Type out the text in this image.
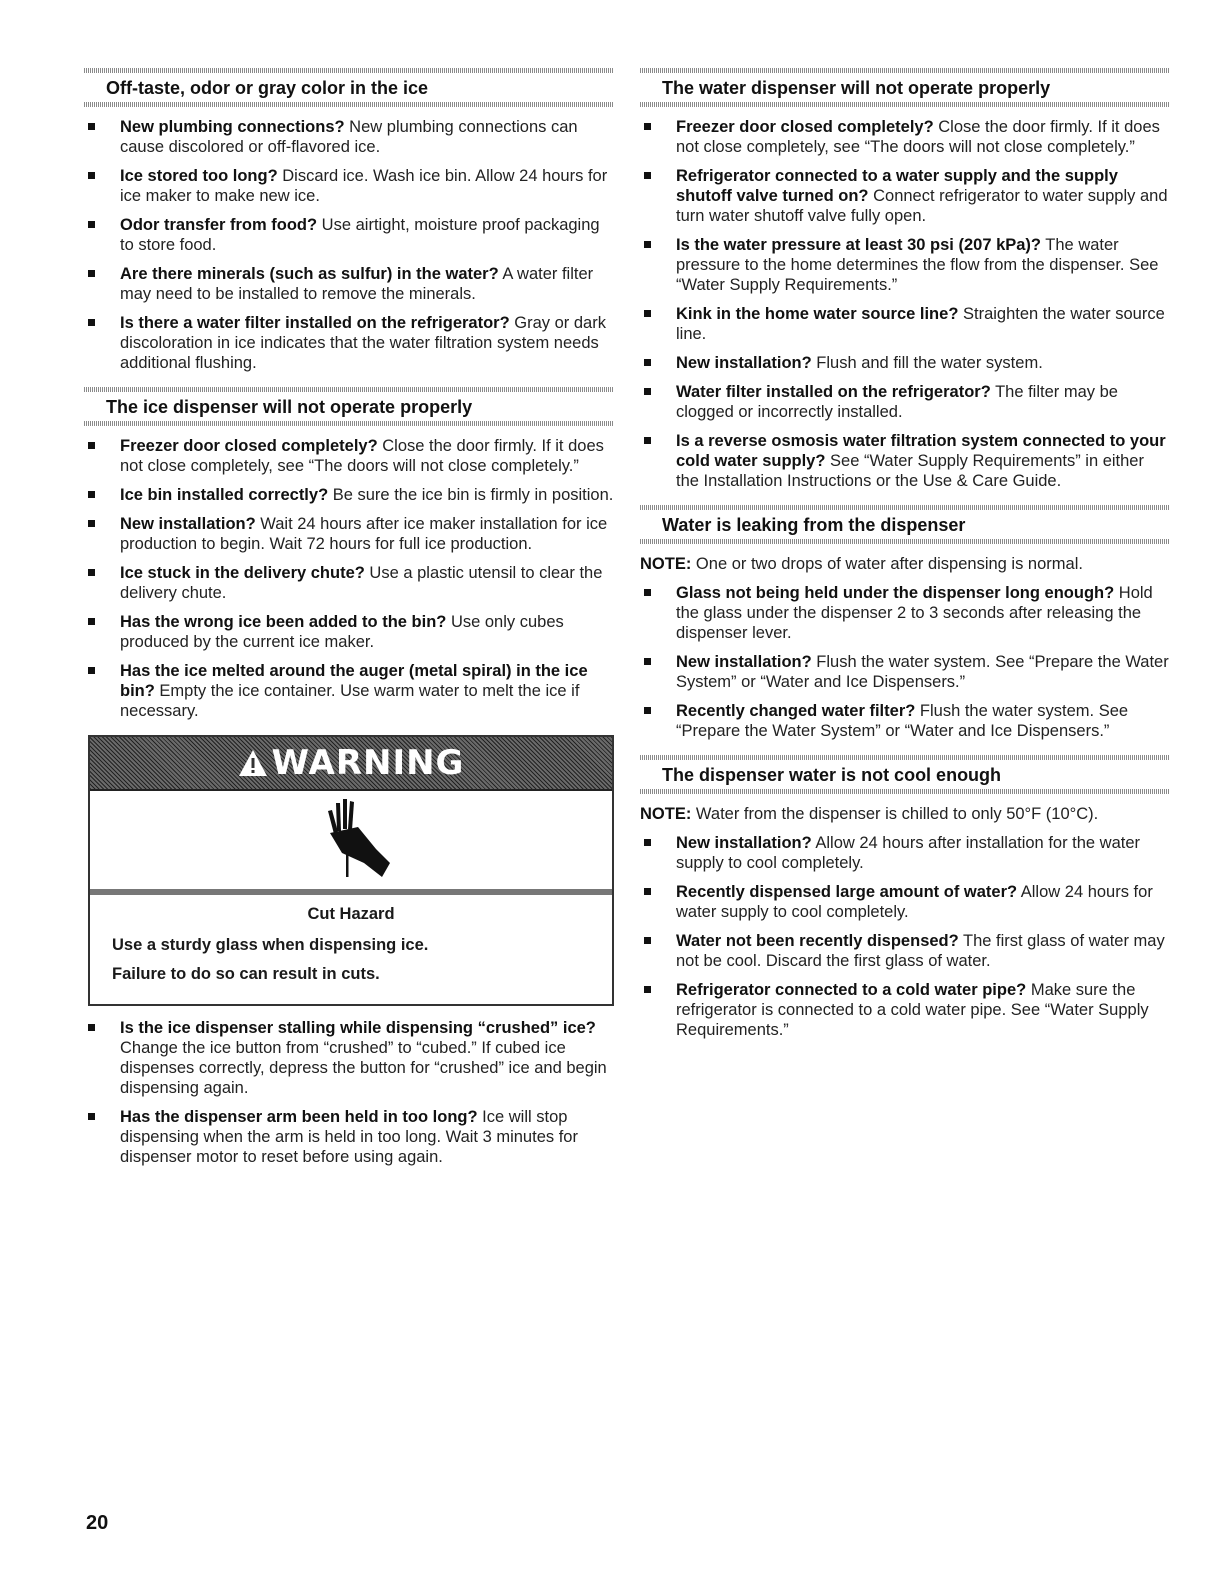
Off-taste, odor or gray color in the ice
New plumbing connections? New plumbing connections can cause discolored or off-flavored ice.
Ice stored too long? Discard ice. Wash ice bin. Allow 24 hours for ice maker to make new ice.
Odor transfer from food? Use airtight, moisture proof packaging to store food.
Are there minerals (such as sulfur) in the water? A water filter may need to be installed to remove the minerals.
Is there a water filter installed on the refrigerator? Gray or dark discoloration in ice indicates that the water filtration system needs additional flushing.
The ice dispenser will not operate properly
Freezer door closed completely? Close the door firmly. If it does not close completely, see “The doors will not close completely.”
Ice bin installed correctly? Be sure the ice bin is firmly in position.
New installation? Wait 24 hours after ice maker installation for ice production to begin. Wait 72 hours for full ice production.
Ice stuck in the delivery chute? Use a plastic utensil to clear the delivery chute.
Has the wrong ice been added to the bin? Use only cubes produced by the current ice maker.
Has the ice melted around the auger (metal spiral) in the ice bin? Empty the ice container. Use warm water to melt the ice if necessary.
WARNING
Cut Hazard

Use a sturdy glass when dispensing ice.

Failure to do so can result in cuts.

Is the ice dispenser stalling while dispensing “crushed” ice? Change the ice button from “crushed” to “cubed.” If cubed ice dispenses correctly, depress the button for “crushed” ice and begin dispensing again.
Has the dispenser arm been held in too long? Ice will stop dispensing when the arm is held in too long. Wait 3 minutes for dispenser motor to reset before using again.
The water dispenser will not operate properly
Freezer door closed completely? Close the door firmly. If it does not close completely, see “The doors will not close completely.”
Refrigerator connected to a water supply and the supply shutoff valve turned on? Connect refrigerator to water supply and turn water shutoff valve fully open.
Is the water pressure at least 30 psi (207 kPa)? The water pressure to the home determines the flow from the dispenser. See “Water Supply Requirements.”
Kink in the home water source line? Straighten the water source line.
New installation? Flush and fill the water system.
Water filter installed on the refrigerator? The filter may be clogged or incorrectly installed.
Is a reverse osmosis water filtration system connected to your cold water supply? See “Water Supply Requirements” in either the Installation Instructions or the Use & Care Guide.
Water is leaking from the dispenser

NOTE: One or two drops of water after dispensing is normal.

Glass not being held under the dispenser long enough? Hold the glass under the dispenser 2 to 3 seconds after releasing the dispenser lever.
New installation? Flush the water system. See “Prepare the Water System” or “Water and Ice Dispensers.”
Recently changed water filter? Flush the water system. See “Prepare the Water System” or “Water and Ice Dispensers.”
The dispenser water is not cool enough

NOTE: Water from the dispenser is chilled to only 50°F (10°C).

New installation? Allow 24 hours after installation for the water supply to cool completely.
Recently dispensed large amount of water? Allow 24 hours for water supply to cool completely.
Water not been recently dispensed? The first glass of water may not be cool. Discard the first glass of water.
Refrigerator connected to a cold water pipe? Make sure the refrigerator is connected to a cold water pipe. See “Water Supply Requirements.”
20
